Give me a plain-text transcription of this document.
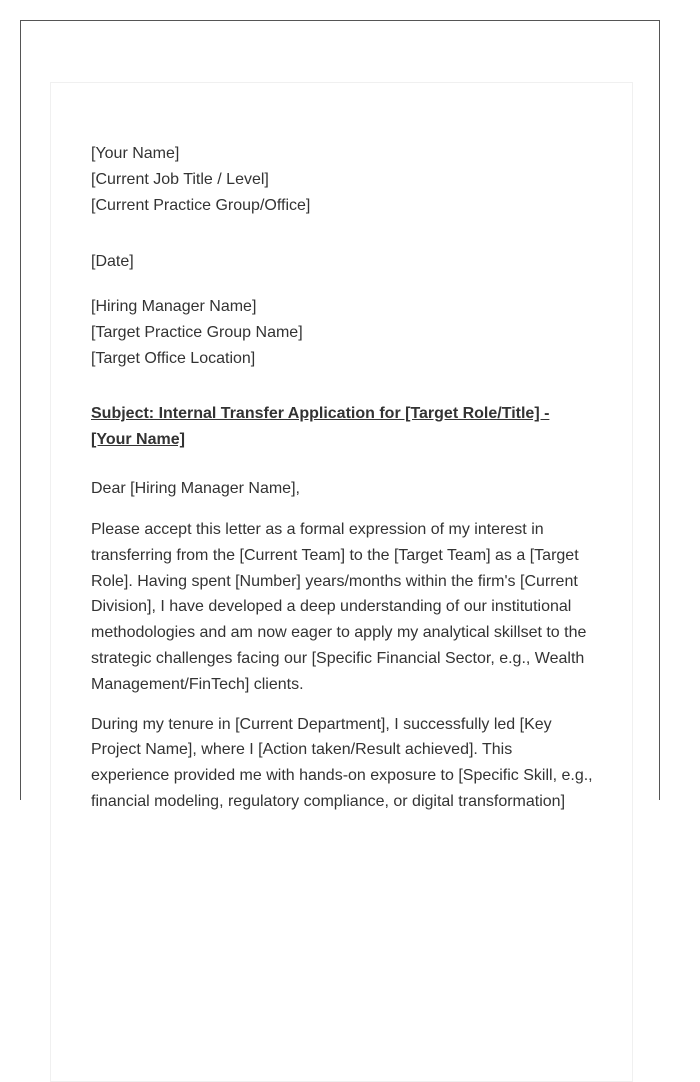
[Your Name]
[Current Job Title / Level]
[Current Practice Group/Office]
[Date]
[Hiring Manager Name]
[Target Practice Group Name]
[Target Office Location]
Subject: Internal Transfer Application for [Target Role/Title] -
[Your Name]
Dear [Hiring Manager Name],
Please accept this letter as a formal expression of my interest in
transferring from the [Current Team] to the [Target Team] as a [Target
Role]. Having spent [Number] years/months within the firm's [Current
Division], I have developed a deep understanding of our institutional
methodologies and am now eager to apply my analytical skillset to the
strategic challenges facing our [Specific Financial Sector, e.g., Wealth
Management/FinTech] clients.
During my tenure in [Current Department], I successfully led [Key
Project Name], where I [Action taken/Result achieved]. This
experience provided me with hands-on exposure to [Specific Skill, e.g.,
financial modeling, regulatory compliance, or digital transformation]
